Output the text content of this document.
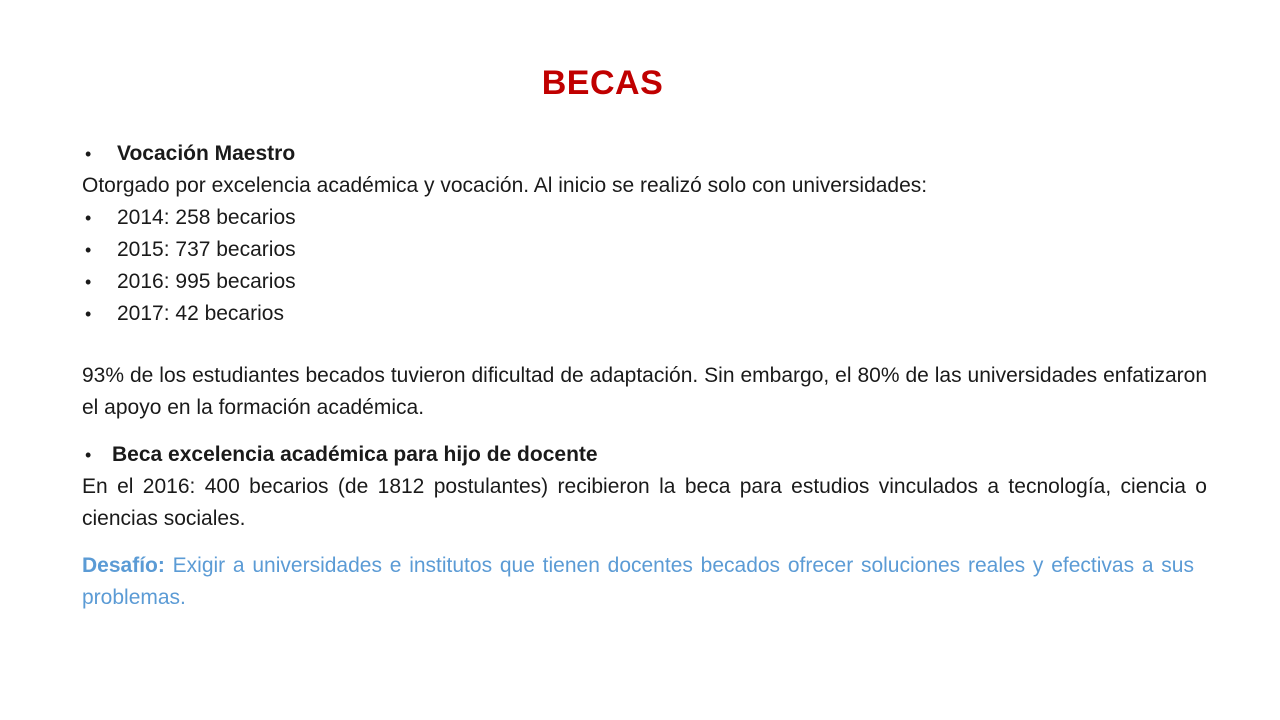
BECAS
• Vocación Maestro
Otorgado por excelencia académica y vocación. Al inicio se realizó solo con universidades:
• 2014: 258 becarios
• 2015: 737 becarios
• 2016: 995 becarios
• 2017: 42 becarios
93% de los estudiantes becados tuvieron dificultad de adaptación. Sin embargo, el 80% de las universidades enfatizaron el apoyo en la formación académica.
• Beca excelencia académica para hijo de docente
En el 2016: 400 becarios (de 1812 postulantes) recibieron la beca para estudios vinculados a tecnología, ciencia o ciencias sociales.
Desafío: Exigir a universidades e institutos que tienen docentes becados ofrecer soluciones reales y efectivas a sus problemas.
